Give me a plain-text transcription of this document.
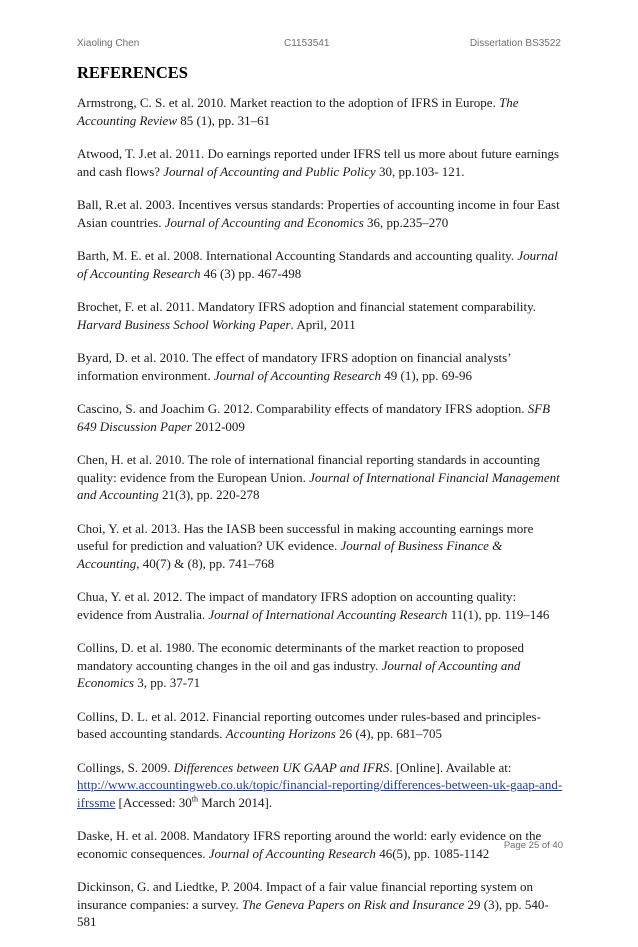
Xiaoling Chen	C1153541	Dissertation BS3522
REFERENCES

Armstrong, C. S. et al. 2010. Market reaction to the adoption of IFRS in Europe. The Accounting Review 85 (1), pp. 31–61

Atwood, T. J.et al. 2011. Do earnings reported under IFRS tell us more about future earnings and cash flows? Journal of Accounting and Public Policy 30, pp.103- 121.

Ball, R.et al. 2003. Incentives versus standards: Properties of accounting income in four East Asian countries. Journal of Accounting and Economics 36, pp.235–270

Barth, M. E. et al. 2008. International Accounting Standards and accounting quality. Journal of Accounting Research 46 (3) pp. 467-498

Brochet, F. et al. 2011. Mandatory IFRS adoption and financial statement comparability. Harvard Business School Working Paper. April, 2011

Byard, D. et al. 2010. The effect of mandatory IFRS adoption on financial analysts’ information environment. Journal of Accounting Research 49 (1), pp. 69-96

Cascino, S. and Joachim G. 2012. Comparability effects of mandatory IFRS adoption. SFB 649 Discussion Paper 2012-009

Chen, H. et al. 2010. The role of international financial reporting standards in accounting quality: evidence from the European Union. Journal of International Financial Management and Accounting 21(3), pp. 220-278

Choi, Y. et al. 2013. Has the IASB been successful in making accounting earnings more useful for prediction and valuation? UK evidence. Journal of Business Finance & Accounting, 40(7) & (8), pp. 741–768

Chua, Y. et al. 2012. The impact of mandatory IFRS adoption on accounting quality: evidence from Australia. Journal of International Accounting Research 11(1), pp. 119–146

Collins, D. et al. 1980. The economic determinants of the market reaction to proposed mandatory accounting changes in the oil and gas industry. Journal of Accounting and Economics 3, pp. 37-71

Collins, D. L. et al. 2012. Financial reporting outcomes under rules-based and principles-based accounting standards. Accounting Horizons 26 (4), pp. 681–705

Collings, S. 2009. Differences between UK GAAP and IFRS. [Online]. Available at: http://www.accountingweb.co.uk/topic/financial-reporting/differences-between-uk-gaap-and-ifrssme [Accessed: 30th March 2014].

Daske, H. et al. 2008. Mandatory IFRS reporting around the world: early evidence on the economic consequences. Journal of Accounting Research 46(5), pp. 1085-1142

Dickinson, G. and Liedtke, P. 2004. Impact of a fair value financial reporting system on insurance companies: a survey. The Geneva Papers on Risk and Insurance 29 (3), pp. 540-581

Page 25 of 40
